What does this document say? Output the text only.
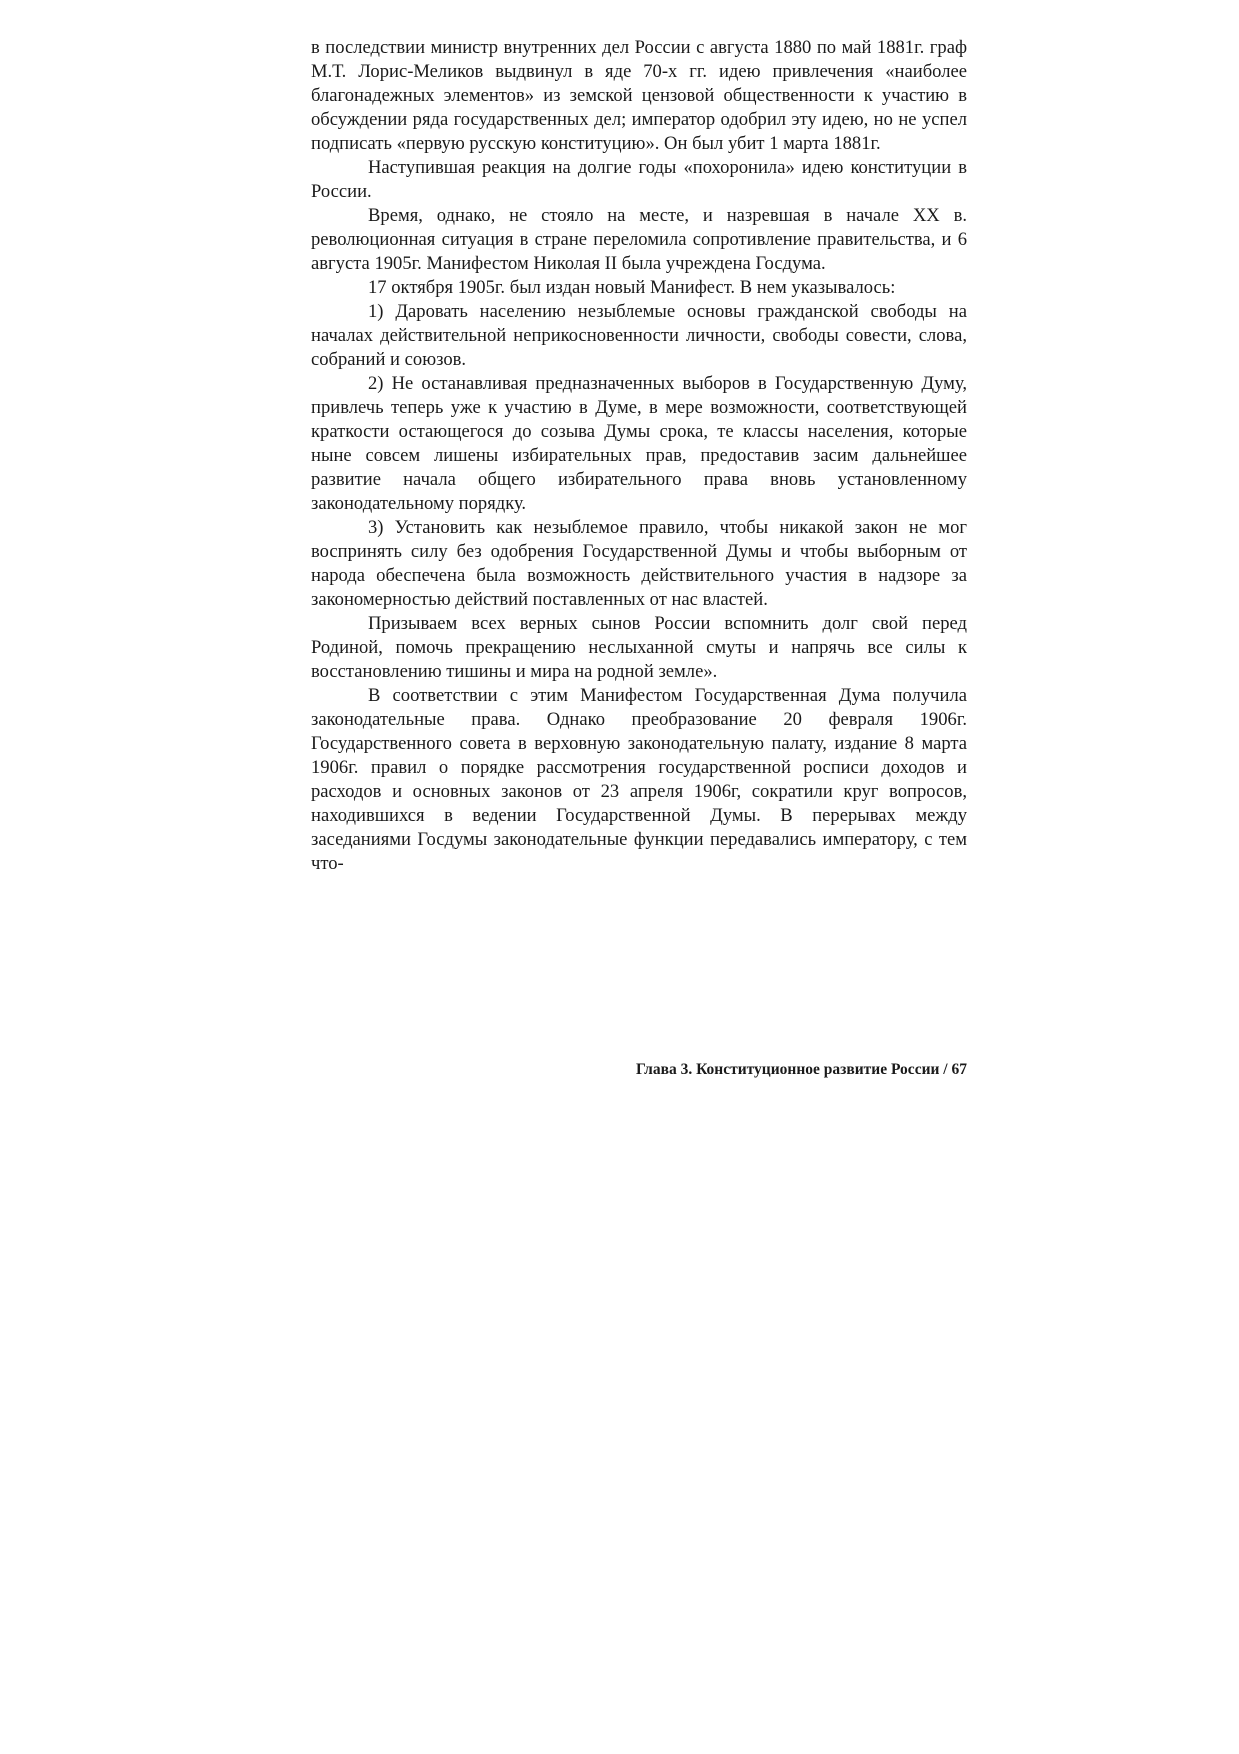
в последствии министр внутренних дел России с августа 1880 по май 1881г. граф М.Т. Лорис-Меликов выдвинул в яде 70-х гг. идею привлечения «наиболее благонадежных элементов» из земской цензовой общественности к участию в обсуждении ряда государственных дел; император одобрил эту идею, но не успел подписать «первую русскую конституцию». Он был убит 1 марта 1881г.

Наступившая реакция на долгие годы «похоронила» идею конституции в России.

Время, однако, не стояло на месте, и назревшая в начале XX в. революционная ситуация в стране переломила сопротивление правительства, и 6 августа 1905г. Манифестом Николая II была учреждена Госдума.

17 октября 1905г. был издан новый Манифест. В нем указывалось:

1) Даровать населению незыблемые основы гражданской свободы на началах действительной неприкосновенности личности, свободы совести, слова, собраний и союзов.

2) Не останавливая предназначенных выборов в Государственную Думу, привлечь теперь уже к участию в Думе, в мере возможности, соответствующей краткости остающегося до созыва Думы срока, те классы населения, которые ныне совсем лишены избирательных прав, предоставив засим дальнейшее развитие начала общего избирательного права вновь установленному законодательному порядку.

3) Установить как незыблемое правило, чтобы никакой закон не мог воспринять силу без одобрения Государственной Думы и чтобы выборным от народа обеспечена была возможность действительного участия в надзоре за закономерностью действий поставленных от нас властей.

Призываем всех верных сынов России вспомнить долг свой перед Родиной, помочь прекращению неслыханной смуты и напрячь все силы к восстановлению тишины и мира на родной земле».

В соответствии с этим Манифестом Государственная Дума получила законодательные права. Однако преобразование 20 февраля 1906г. Государственного совета в верховную законодательную палату, издание 8 марта 1906г. правил о порядке рассмотрения государственной росписи доходов и расходов и основных законов от 23 апреля 1906г, сократили круг вопросов, находившихся в ведении Государственной Думы. В перерывах между заседаниями Госдумы законодательные функции передавались императору, с тем что-

Глава 3. Конституционное развитие России / 67
